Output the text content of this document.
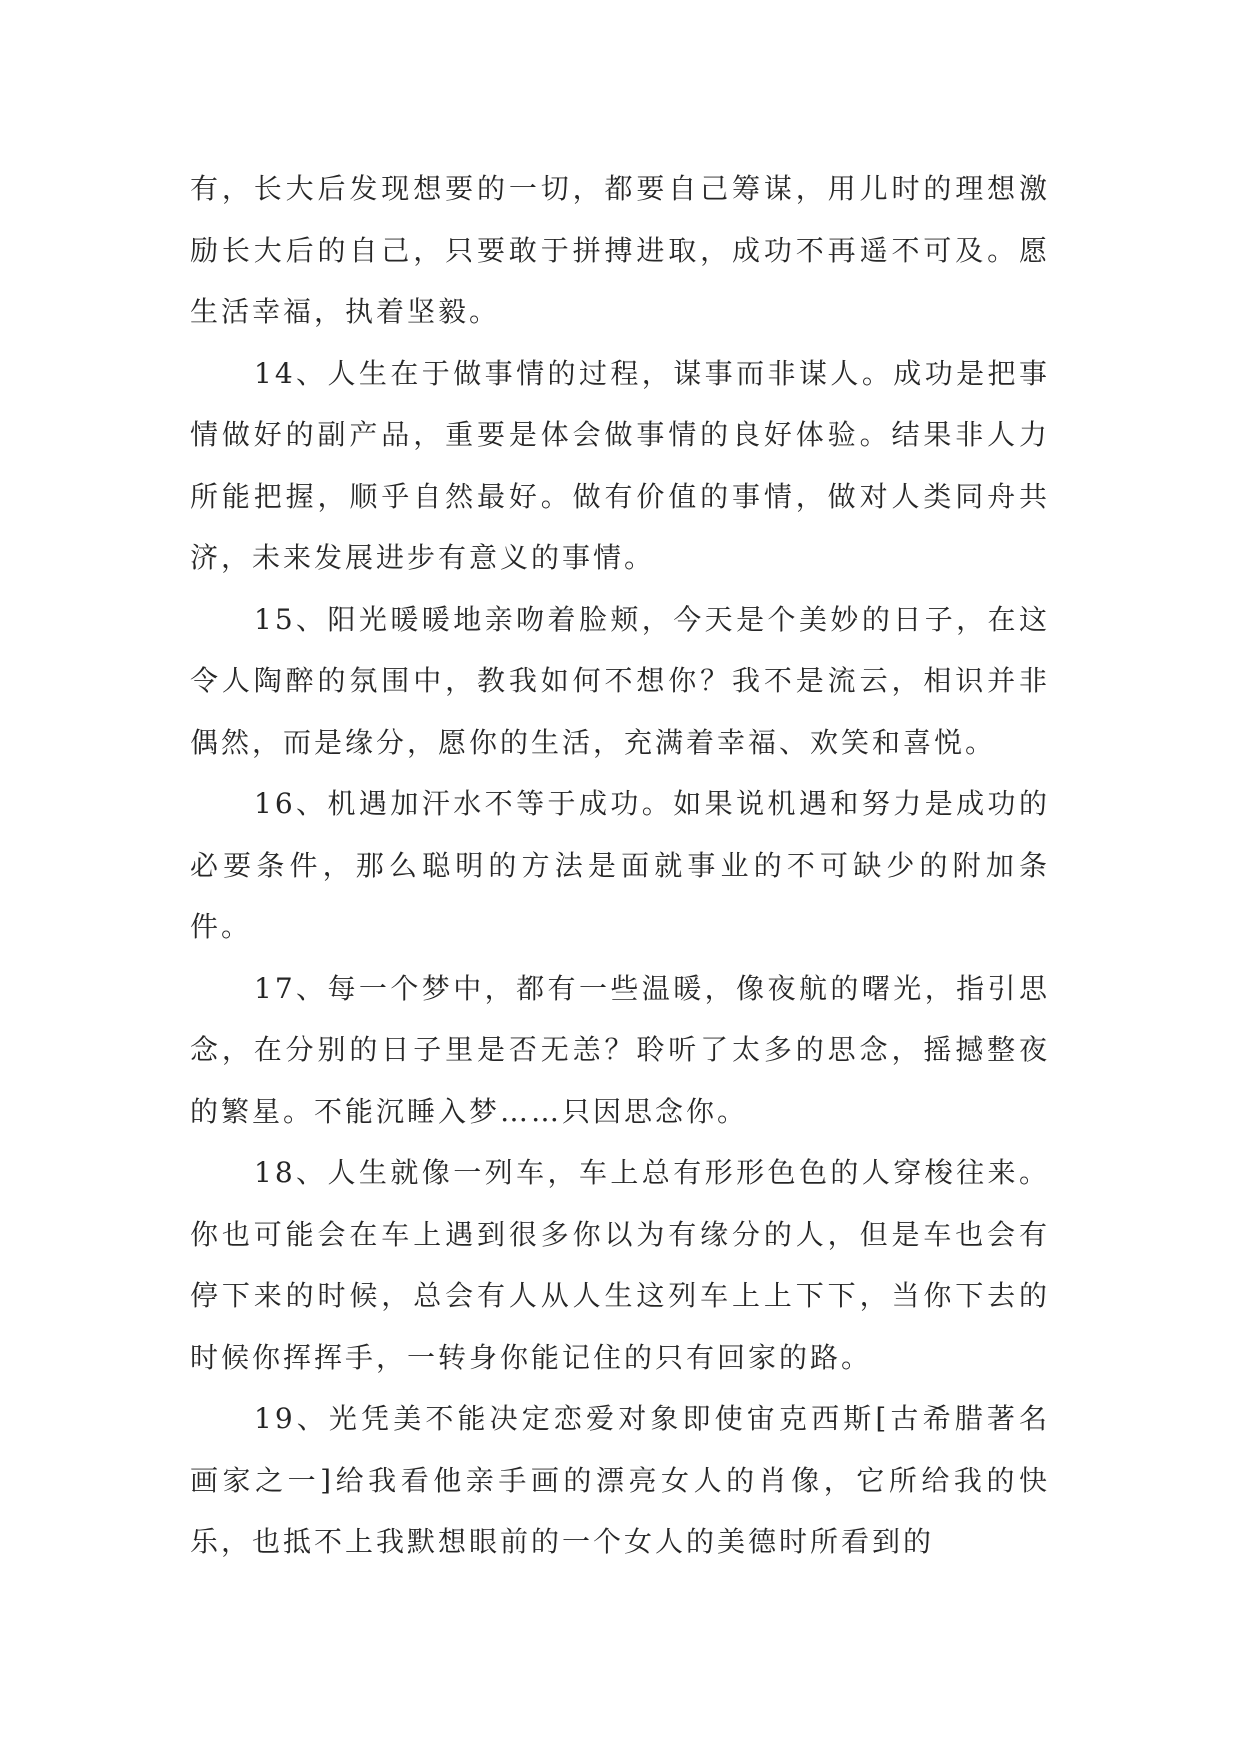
有，长大后发现想要的一切，都要自己筹谋，用儿时的理想激励长大后的自己，只要敢于拼搏进取，成功不再遥不可及。愿生活幸福，执着坚毅。

14、人生在于做事情的过程，谋事而非谋人。成功是把事情做好的副产品，重要是体会做事情的良好体验。结果非人力所能把握，顺乎自然最好。做有价值的事情，做对人类同舟共济，未来发展进步有意义的事情。

15、阳光暖暖地亲吻着脸颊，今天是个美妙的日子，在这令人陶醉的氛围中，教我如何不想你？我不是流云，相识并非偶然，而是缘分，愿你的生活，充满着幸福、欢笑和喜悦。

16、机遇加汗水不等于成功。如果说机遇和努力是成功的必要条件，那么聪明的方法是面就事业的不可缺少的附加条件。

17、每一个梦中，都有一些温暖，像夜航的曙光，指引思念，在分别的日子里是否无恙？聆听了太多的思念，摇撼整夜的繁星。不能沉睡入梦……只因思念你。

18、人生就像一列车，车上总有形形色色的人穿梭往来。你也可能会在车上遇到很多你以为有缘分的人，但是车也会有停下来的时候，总会有人从人生这列车上上下下，当你下去的时候你挥挥手，一转身你能记住的只有回家的路。

19、光凭美不能决定恋爱对象即使宙克西斯[古希腊著名画家之一]给我看他亲手画的漂亮女人的肖像，它所给我的快乐，也抵不上我默想眼前的一个女人的美德时所看到的
